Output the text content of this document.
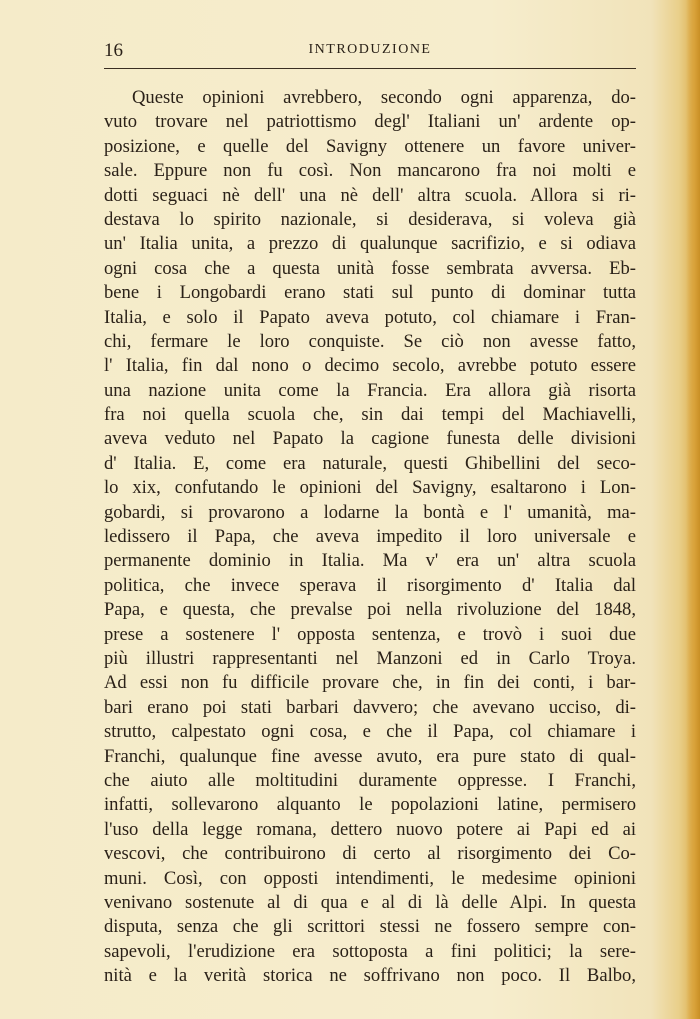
16	INTRODUZIONE
Queste opinioni avrebbero, secondo ogni apparenza, do-
vuto trovare nel patriottismo degl' Italiani un' ardente op-
posizione, e quelle del Savigny ottenere un favore univer-
sale. Eppure non fu così. Non mancarono fra noi molti e
dotti seguaci nè dell' una nè dell' altra scuola. Allora si ri-
destava lo spirito nazionale, si desiderava, si voleva già
un' Italia unita, a prezzo di qualunque sacrifizio, e si odiava
ogni cosa che a questa unità fosse sembrata avversa. Eb-
bene i Longobardi erano stati sul punto di dominar tutta
Italia, e solo il Papato aveva potuto, col chiamare i Fran-
chi, fermare le loro conquiste. Se ciò non avesse fatto,
l' Italia, fin dal nono o decimo secolo, avrebbe potuto essere
una nazione unita come la Francia. Era allora già risorta
fra noi quella scuola che, sin dai tempi del Machiavelli,
aveva veduto nel Papato la cagione funesta delle divisioni
d' Italia. E, come era naturale, questi Ghibellini del seco-
lo xix, confutando le opinioni del Savigny, esaltarono i Lon-
gobardi, si provarono a lodarne la bontà e l' umanità, ma-
ledissero il Papa, che aveva impedito il loro universale e
permanente dominio in Italia. Ma v' era un' altra scuola
politica, che invece sperava il risorgimento d' Italia dal
Papa, e questa, che prevalse poi nella rivoluzione del 1848,
prese a sostenere l' opposta sentenza, e trovò i suoi due
più illustri rappresentanti nel Manzoni ed in Carlo Troya.
Ad essi non fu difficile provare che, in fin dei conti, i bar-
bari erano poi stati barbari davvero; che avevano ucciso, di-
strutto, calpestato ogni cosa, e che il Papa, col chiamare i
Franchi, qualunque fine avesse avuto, era pure stato di qual-
che aiuto alle moltitudini duramente oppresse. I Franchi,
infatti, sollevarono alquanto le popolazioni latine, permisero
l'uso della legge romana, dettero nuovo potere ai Papi ed ai
vescovi, che contribuirono di certo al risorgimento dei Co-
muni. Così, con opposti intendimenti, le medesime opinioni
venivano sostenute al di qua e al di là delle Alpi. In questa
disputa, senza che gli scrittori stessi ne fossero sempre con-
sapevoli, l'erudizione era sottoposta a fini politici; la sere-
nità e la verità storica ne soffrivano non poco. Il Balbo,
